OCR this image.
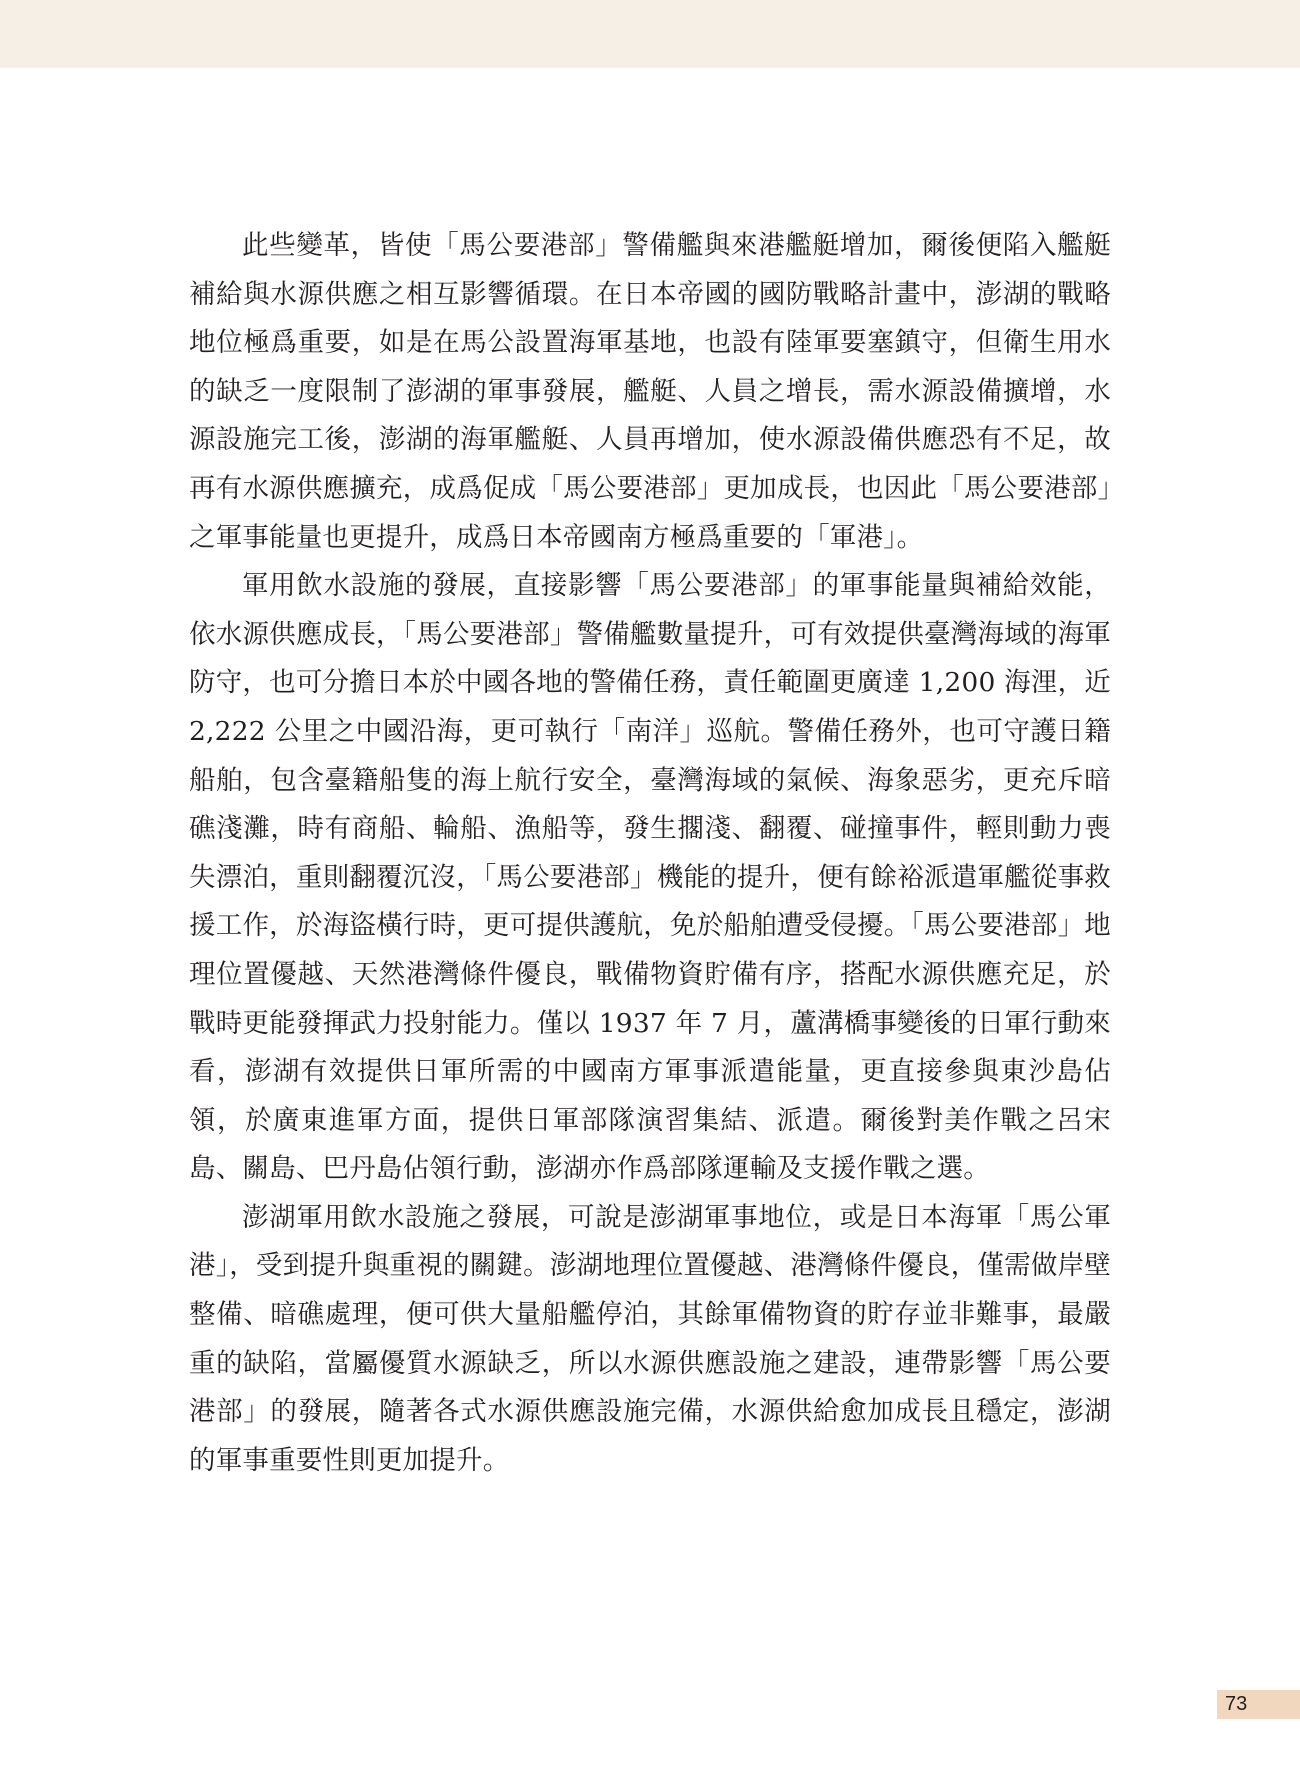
此些變革，皆使「馬公要港部」警備艦與來港艦艇增加，爾後便陷入艦艇補給與水源供應之相互影響循環。在日本帝國的國防戰略計畫中，澎湖的戰略地位極爲重要，如是在馬公設置海軍基地，也設有陸軍要塞鎮守，但衛生用水的缺乏一度限制了澎湖的軍事發展，艦艇、人員之增長，需水源設備擴增，水源設施完工後，澎湖的海軍艦艇、人員再增加，使水源設備供應恐有不足，故再有水源供應擴充，成爲促成「馬公要港部」更加成長，也因此「馬公要港部」之軍事能量也更提升，成爲日本帝國南方極爲重要的「軍港」。

軍用飲水設施的發展，直接影響「馬公要港部」的軍事能量與補給效能，依水源供應成長，「馬公要港部」警備艦數量提升，可有效提供臺灣海域的海軍防守，也可分擔日本於中國各地的警備任務，責任範圍更廣達 1,200 海浬，近 2,222 公里之中國沿海，更可執行「南洋」巡航。警備任務外，也可守護日籍船舶，包含臺籍船隻的海上航行安全，臺灣海域的氣候、海象惡劣，更充斥暗礁淺灘，時有商船、輪船、漁船等，發生擱淺、翻覆、碰撞事件，輕則動力喪失漂泊，重則翻覆沉沒，「馬公要港部」機能的提升，便有餘裕派遣軍艦從事救援工作，於海盜橫行時，更可提供護航，免於船舶遭受侵擾。「馬公要港部」地理位置優越、天然港灣條件優良，戰備物資貯備有序，搭配水源供應充足，於戰時更能發揮武力投射能力。僅以 1937 年 7 月，蘆溝橋事變後的日軍行動來看，澎湖有效提供日軍所需的中國南方軍事派遣能量，更直接參與東沙島佔領，於廣東進軍方面，提供日軍部隊演習集結、派遣。爾後對美作戰之呂宋島、關島、巴丹島佔領行動，澎湖亦作爲部隊運輸及支援作戰之選。

澎湖軍用飲水設施之發展，可說是澎湖軍事地位，或是日本海軍「馬公軍港」，受到提升與重視的關鍵。澎湖地理位置優越、港灣條件優良，僅需做岸壁整備、暗礁處理，便可供大量船艦停泊，其餘軍備物資的貯存並非難事，最嚴重的缺陷，當屬優質水源缺乏，所以水源供應設施之建設，連帶影響「馬公要港部」的發展，隨著各式水源供應設施完備，水源供給愈加成長且穩定，澎湖的軍事重要性則更加提升。

73
